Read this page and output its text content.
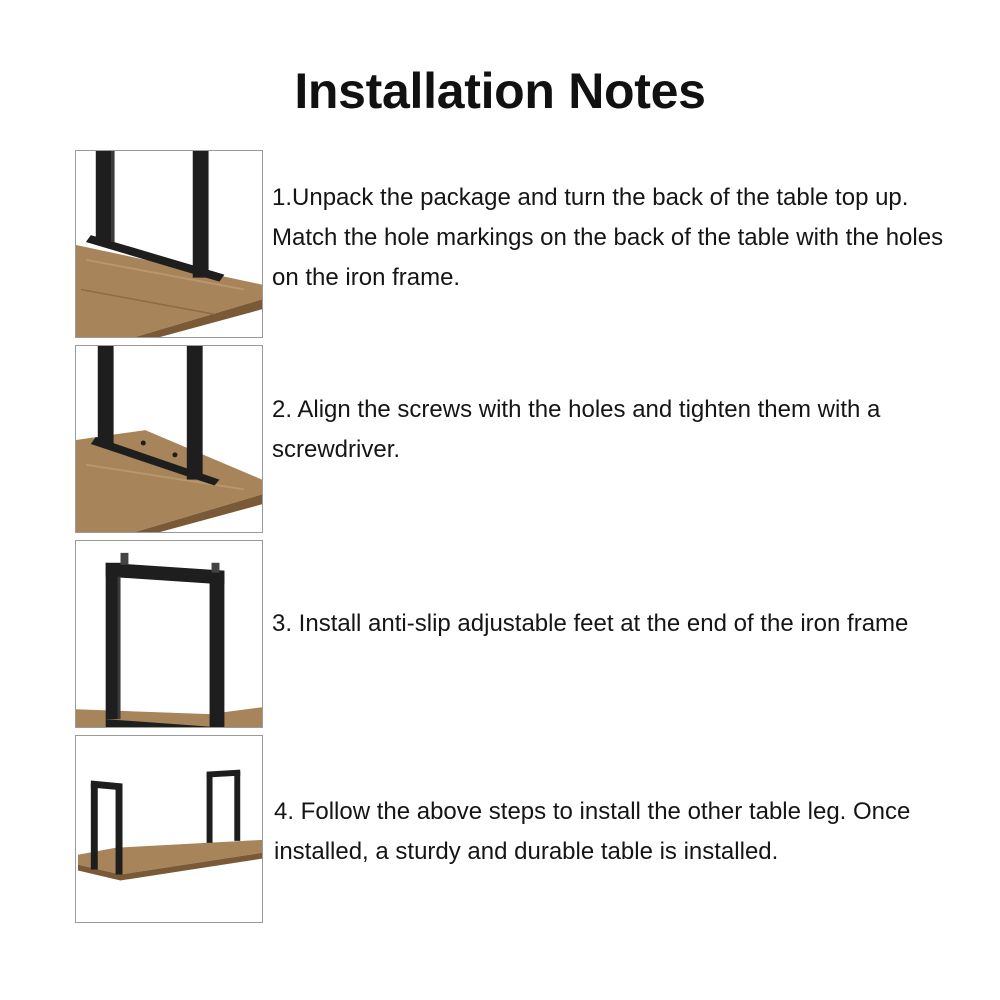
Installation Notes

1.Unpack the package and turn the back of the table top up. Match the hole markings on the back of the table with the holes on the iron frame.

2. Align the screws with the holes and tighten them with a screwdriver.

3. Install anti-slip adjustable feet at the end of the iron frame

4. Follow the above steps to install the other table leg. Once installed, a sturdy and durable table is installed.
